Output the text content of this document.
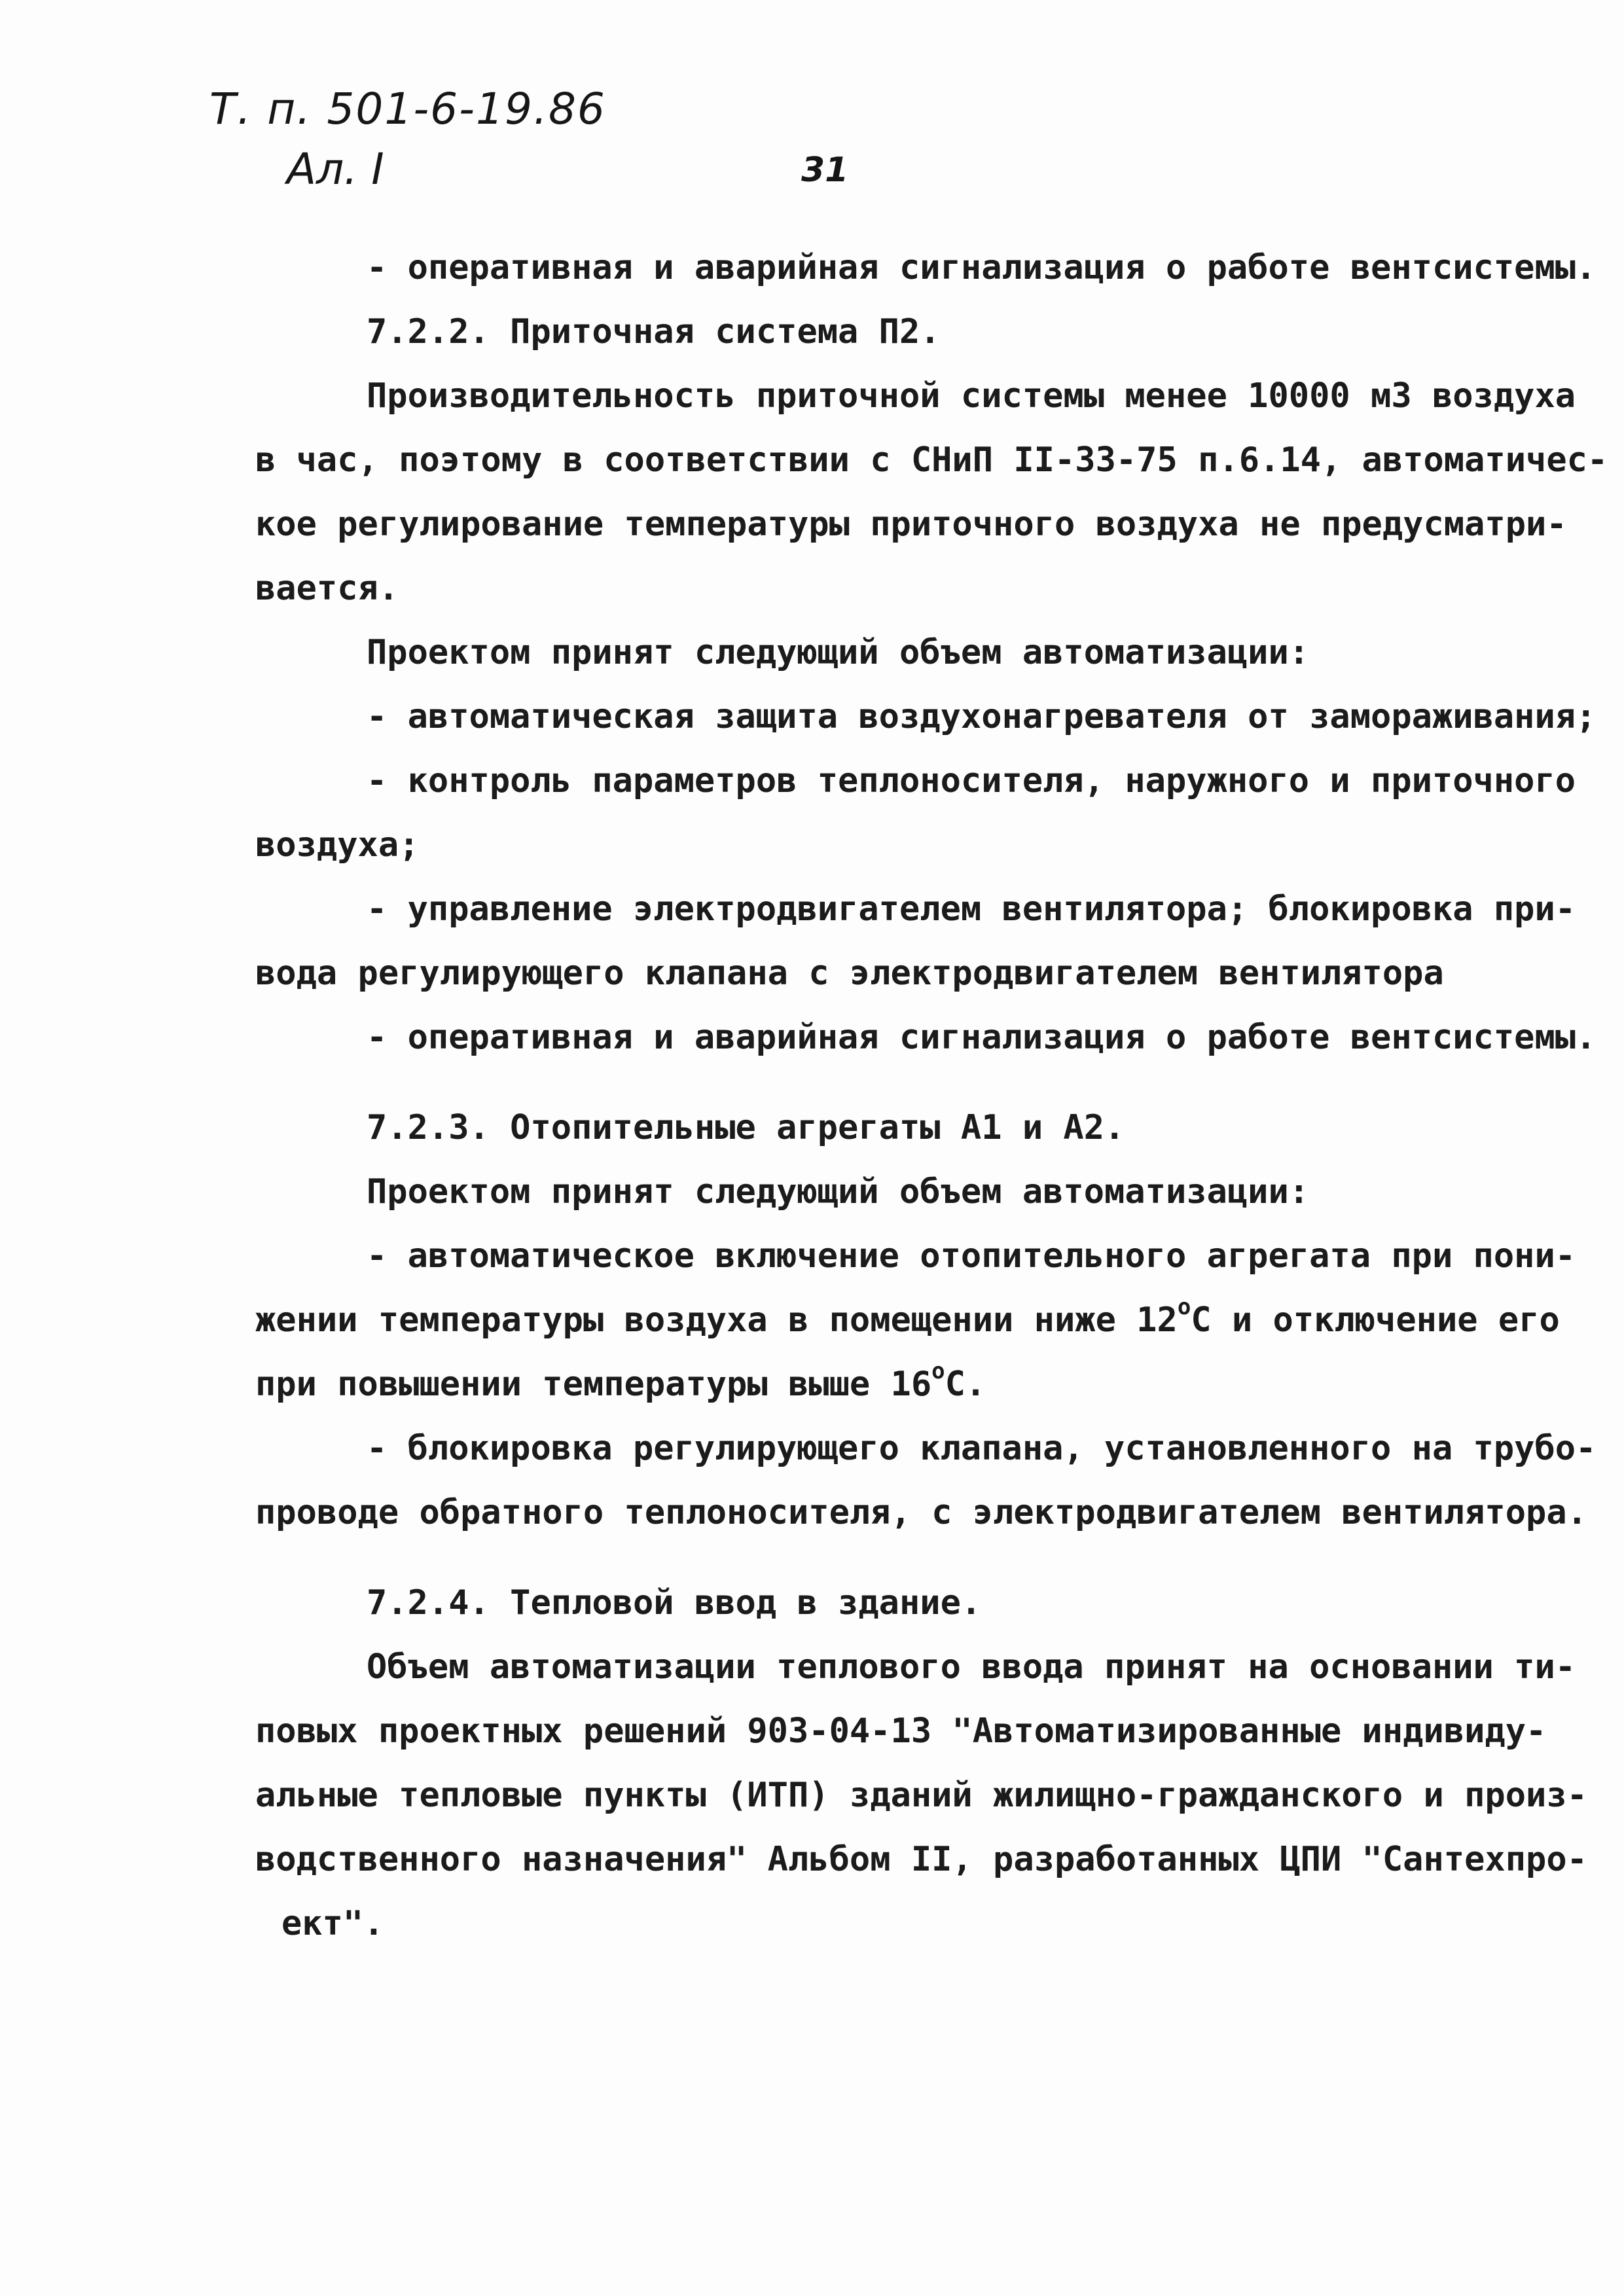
Т. п. 501-6-19.86
Ал. I	31
- оперативная и аварийная сигнализация о работе вентсистемы.
7.2.2. Приточная система П2.
Производительность приточной системы менее 10000 м3 воздуха
в час, поэтому в соответствии с СНиП II-33-75 п.6.14, автоматичес-
кое регулирование температуры приточного воздуха не предусматри-
вается.
Проектом принят следующий объем автоматизации:
- автоматическая защита воздухонагревателя от замораживания;
- контроль параметров теплоносителя, наружного и приточного
воздуха;
- управление электродвигателем вентилятора; блокировка при-
вода регулирующего клапана с электродвигателем вентилятора
- оперативная и аварийная сигнализация о работе вентсистемы.
7.2.3. Отопительные агрегаты А1 и А2.
Проектом принят следующий объем автоматизации:
- автоматическое включение отопительного агрегата при пони-
жении температуры воздуха в помещении ниже 12$^o$С и отключение его
при повышении температуры выше 16$^o$С.
- блокировка регулирующего клапана, установленного на трубо-
проводе обратного теплоносителя, с электродвигателем вентилятора.
7.2.4. Тепловой ввод в здание.
Объем автоматизации теплового ввода принят на основании ти-
повых проектных решений 903-04-13 "Автоматизированные индивиду-
альные тепловые пункты (ИТП) зданий жилищно-гражданского и произ-
водственного назначения" Альбом II, разработанных ЦПИ "Сантехпро-
ект".
